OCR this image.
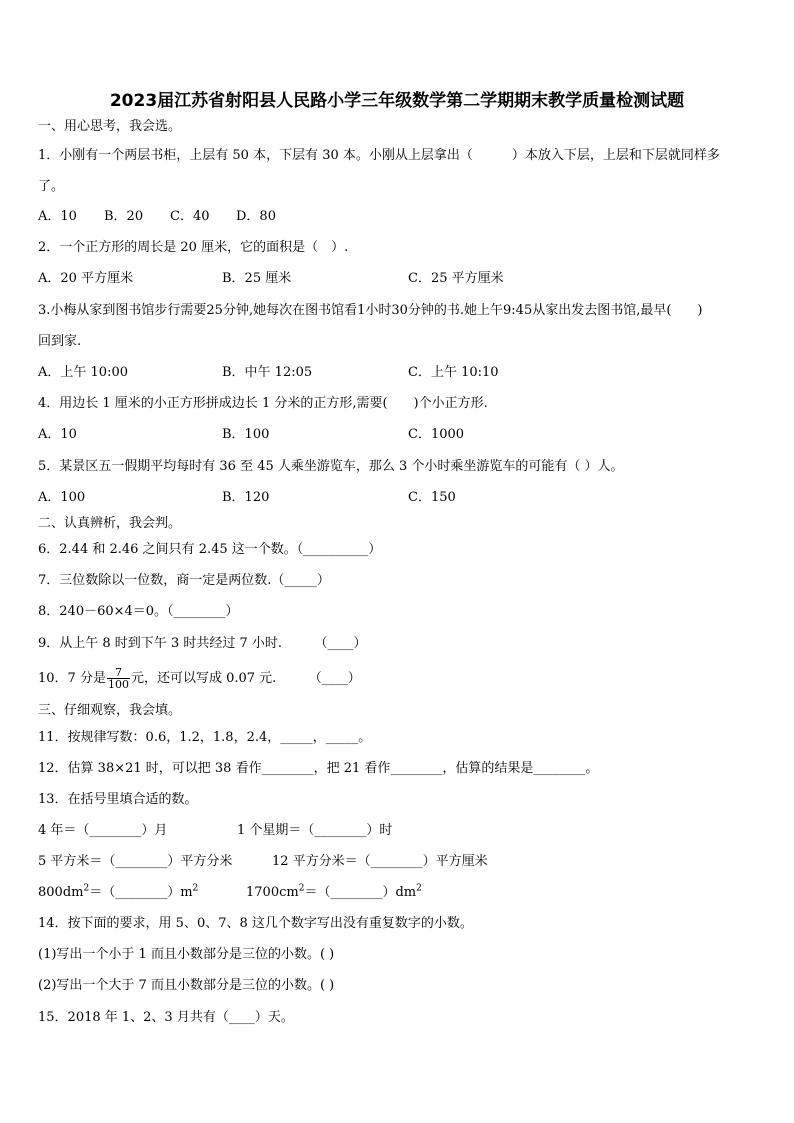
2023届江苏省射阳县人民路小学三年级数学第二学期期末教学质量检测试题
一、用心思考，我会选。
1．小刚有一个两层书柜，上层有 50 本，下层有 30 本。小刚从上层拿出（　　　）本放入下层，上层和下层就同样多
了。
A．10 B．20 C．40 D．80
2．一个正方形的周长是 20 厘米，它的面积是（　）.
A．20 平方厘米	B．25 厘米	C．25 平方厘米
3.小梅从家到图书馆步行需要25分钟,她每次在图书馆看1小时30分钟的书.她上午9:45从家出发去图书馆,最早(　　)
回到家.
A．上午 10:00	B．中午 12:05	C．上午 10:10
4．用边长 1 厘米的小正方形拼成边长 1 分米的正方形,需要(　　)个小正方形.
A．10	B．100	C．1000
5．某景区五一假期平均每时有 36 至 45 人乘坐游览车，那么 3 个小时乘坐游览车的可能有（ ）人。
A．100	B．120	C．150
二、认真辨析，我会判。
6．2.44 和 2.46 之间只有 2.45 这一个数。（__________）
7．三位数除以一位数，商一定是两位数.（_____）
8．240－60×4＝0。（________）
9．从上午 8 时到下午 3 时共经过 7 小时.　　　（____）
10．7 分是 $\frac{7}{100}$ 元，还可以写成 0.07 元.　　　（____）
三、仔细观察，我会填。
11．按规律写数：0.6，1.2，1.8，2.4，_____，_____。
12．估算 38×21 时，可以把 38 看作________，把 21 看作________，估算的结果是________。
13．在括号里填合适的数。
4 年＝（________）月	1 个星期＝（________）时
5 平方米＝（________）平方分米	12 平方分米＝（________）平方厘米
$800dm^2=(\_\_\_\_\_\_\_\_)m^2$	$1700cm^2=(\_\_\_\_\_\_\_\_)dm^2$
14．按下面的要求，用 5、0、7、8 这几个数字写出没有重复数字的小数。
(1)写出一个小于 1 而且小数部分是三位的小数。( )
(2)写出一个大于 7 而且小数部分是三位的小数。( )
15．2018 年 1、2、3 月共有（____）天。
